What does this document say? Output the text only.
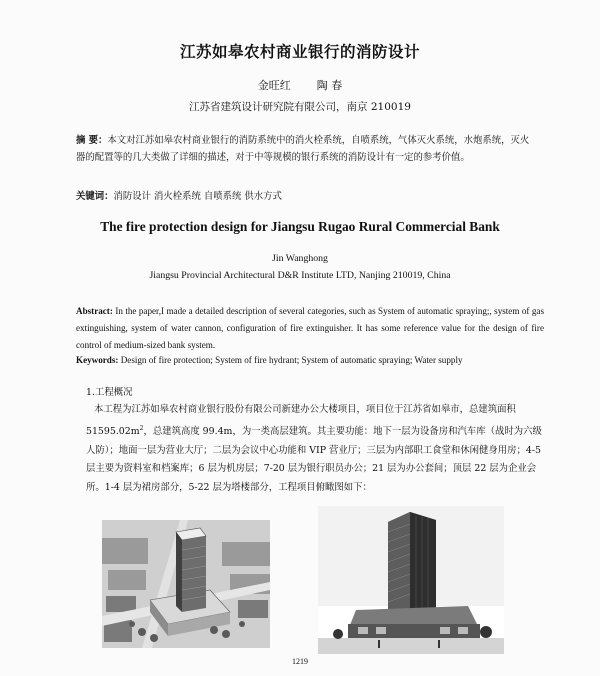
江苏如皋农村商业银行的消防设计
金旺红 陶 春
江苏省建筑设计研究院有限公司，南京 210019
摘 要：本文对江苏如皋农村商业银行的消防系统中的消火栓系统，自喷系统，气体灭火系统，水炮系统，灭火器的配置等的几大类做了详细的描述，对于中等规模的银行系统的消防设计有一定的参考价值。
关键词：消防设计 消火栓系统 自喷系统 供水方式
The fire protection design for Jiangsu Rugao Rural Commercial Bank
Jin Wanghong
Jiangsu Provincial Architectural D&R Institute LTD, Nanjing 210019, China
Abstract: In the paper,I made a detailed description of several categories, such as System of automatic spraying;, system of gas extinguishing, system of water cannon, configuration of fire extinguisher. It has some reference value for the design of fire control of medium-sized bank system.
Keywords: Design of fire protection; System of fire hydrant; System of automatic spraying; Water supply
1.工程概况
本工程为江苏如皋农村商业银行股份有限公司新建办公大楼项目，项目位于江苏省如皋市，总建筑面积 $51595.02m^2$，总建筑高度 99.4m，为一类高层建筑。其主要功能：地下一层为设备房和汽车库（战时为六级人防）；地面一层为营业大厅；二层为会议中心功能和 VIP 营业厅；三层为内部职工食堂和休闲健身用房；4-5 层主要为资料室和档案库；6 层为机房层；7-20 层为银行职员办公；21 层为办公套间；顶层 22 层为企业会所。1-4 层为裙房部分，5-22 层为塔楼部分，工程项目俯瞰图如下：
1219
